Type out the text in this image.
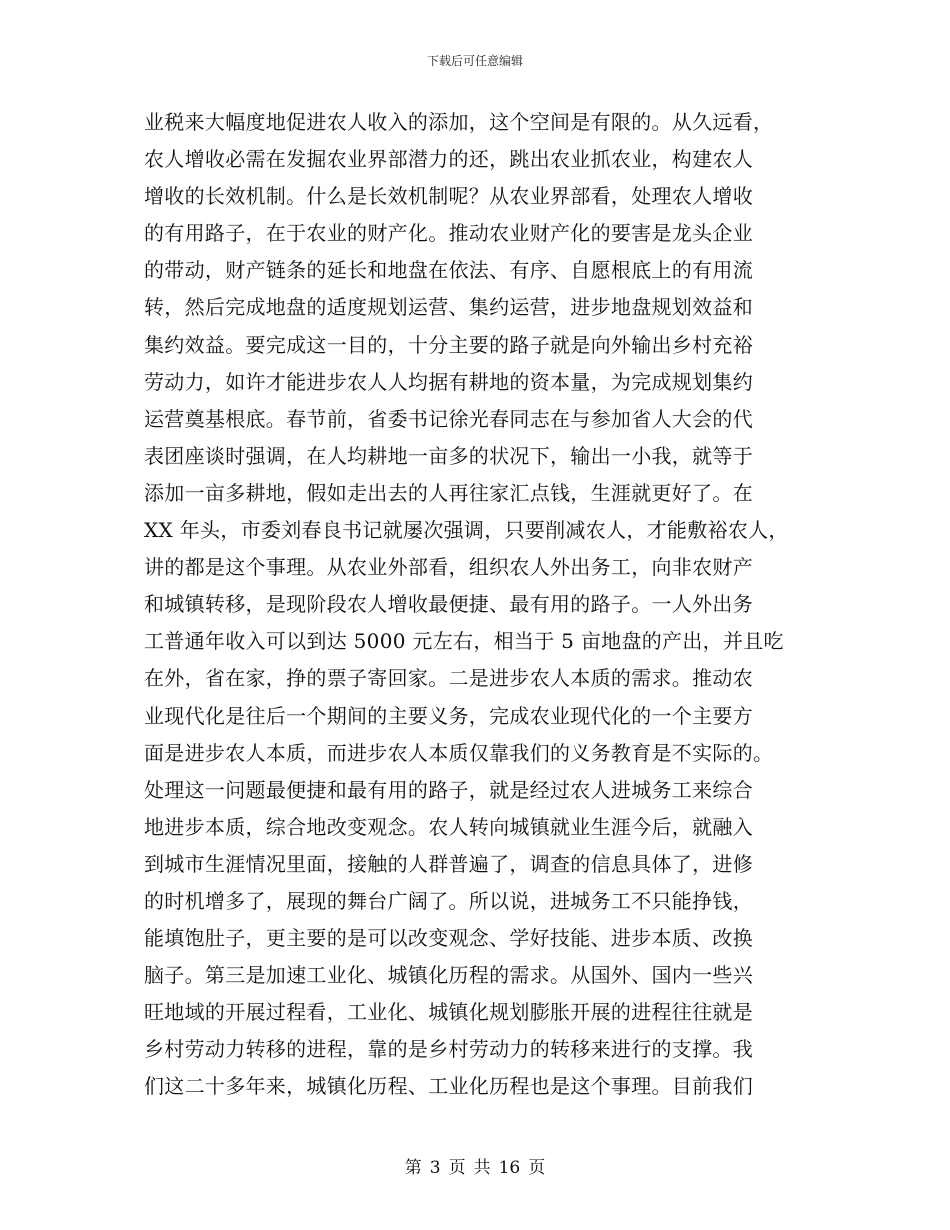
下载后可任意编辑
业税来大幅度地促进农人收入的添加，这个空间是有限的。从久远看，
农人增收必需在发掘农业界部潜力的还，跳出农业抓农业，构建农人
增收的长效机制。什么是长效机制呢？从农业界部看，处理农人增收
的有用路子，在于农业的财产化。推动农业财产化的要害是龙头企业
的带动，财产链条的延长和地盘在依法、有序、自愿根底上的有用流
转，然后完成地盘的适度规划运营、集约运营，进步地盘规划效益和
集约效益。要完成这一目的，十分主要的路子就是向外输出乡村充裕
劳动力，如许才能进步农人人均据有耕地的资本量，为完成规划集约
运营奠基根底。春节前，省委书记徐光春同志在与参加省人大会的代
表团座谈时强调，在人均耕地一亩多的状况下，输出一小我，就等于
添加一亩多耕地，假如走出去的人再往家汇点钱，生涯就更好了。在
XX 年头，市委刘春良书记就屡次强调，只要削减农人，才能敷裕农人，
讲的都是这个事理。从农业外部看，组织农人外出务工，向非农财产
和城镇转移，是现阶段农人增收最便捷、最有用的路子。一人外出务
工普通年收入可以到达 5000 元左右，相当于 5 亩地盘的产出，并且吃
在外，省在家，挣的票子寄回家。二是进步农人本质的需求。推动农
业现代化是往后一个期间的主要义务，完成农业现代化的一个主要方
面是进步农人本质，而进步农人本质仅靠我们的义务教育是不实际的。
处理这一问题最便捷和最有用的路子，就是经过农人进城务工来综合
地进步本质，综合地改变观念。农人转向城镇就业生涯今后，就融入
到城市生涯情况里面，接触的人群普遍了，调查的信息具体了，进修
的时机增多了，展现的舞台广阔了。所以说，进城务工不只能挣钱，
能填饱肚子，更主要的是可以改变观念、学好技能、进步本质、改换
脑子。第三是加速工业化、城镇化历程的需求。从国外、国内一些兴
旺地域的开展过程看，工业化、城镇化规划膨胀开展的进程往往就是
乡村劳动力转移的进程，靠的是乡村劳动力的转移来进行的支撑。我
们这二十多年来，城镇化历程、工业化历程也是这个事理。目前我们
第 3 页 共 16 页
